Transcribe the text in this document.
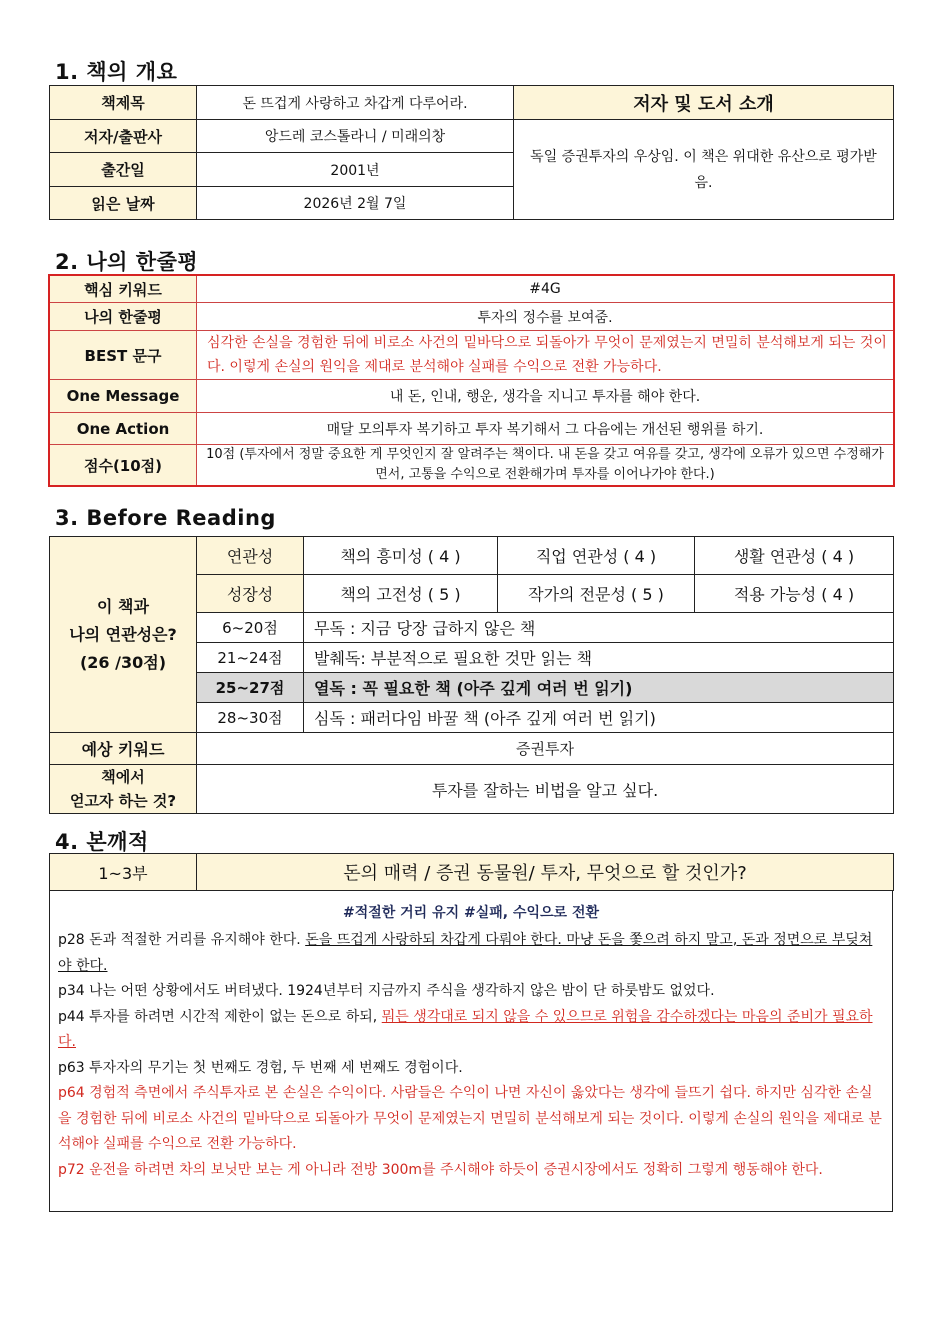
1. 책의 개요
책제목	돈 뜨겁게 사랑하고 차갑게 다루어라.	저자 및 도서 소개
저자/출판사	앙드레 코스톨라니 / 미래의창	독일 증권투자의 우상임. 이 책은 위대한 유산으로 평가받음.
출간일	2001년	
읽은 날짜	2026년 2월 7일	
2. 나의 한줄평
핵심 키워드	#4G
나의 한줄평	투자의 정수를 보여줌.
BEST 문구	심각한 손실을 경험한 뒤에 비로소 사건의 밑바닥으로 되돌아가 무엇이 문제였는지 면밀히 분석해보게 되는 것이다. 이렇게 손실의 원익을 제대로 분석해야 실패를 수익으로 전환 가능하다.
One Message	내 돈, 인내, 행운, 생각을 지니고 투자를 해야 한다.
One Action	매달 모의투자 복기하고 투자 복기해서 그 다음에는 개선된 행위를 하기.
점수(10점)	10점 (투자에서 정말 중요한 게 무엇인지 잘 알려주는 책이다. 내 돈을 갖고 여유를 갖고, 생각에 오류가 있으면 수정해가면서, 고통을 수익으로 전환해가며 투자를 이어나가야 한다.)
3. Before Reading
이 책과
나의 연관성은?
(26 /30점)	연관성	책의 흥미성 ( 4 )	직업 연관성 ( 4 )	생활 연관성 ( 4 )
	성장성	책의 고전성 ( 5 )	작가의 전문성 ( 5 )	적용 가능성 ( 4 )
	6~20점	무독 : 지금 당장 급하지 않은 책		
	21~24점	발췌독: 부분적으로 필요한 것만 읽는 책		
	25~27점	열독 : 꼭 필요한 책 (아주 깊게 여러 번 읽기)		
	28~30점	심독 : 패러다임 바꿀 책 (아주 깊게 여러 번 읽기)		
예상 키워드	증권투자			

책에서
얻고자 하는 것?	투자를 잘하는 비법을 알고 싶다.			
4. 본깨적
1~3부	돈의 매력 / 증권 동물원/ 투자, 무엇으로 할 것인가?
#적절한 거리 유지 #실패, 수익으로 전환

p28 돈과 적절한 거리를 유지해야 한다. 돈을 뜨겁게 사랑하되 차갑게 다뤄야 한다. 마냥 돈을 쫓으려 하지 말고, 돈과 정면으로 부딪쳐야 한다.

p34 나는 어떤 상황에서도 버텨냈다. 1924년부터 지금까지 주식을 생각하지 않은 밤이 단 하룻밤도 없었다.

p44 투자를 하려면 시간적 제한이 없는 돈으로 하되, 뭐든 생각대로 되지 않을 수 있으므로 위험을 감수하겠다는 마음의 준비가 필요하다.

p63 투자자의 무기는 첫 번째도 경험, 두 번째 세 번째도 경험이다.

p64 경험적 측면에서 주식투자로 본 손실은 수익이다. 사람들은 수익이 나면 자신이 옳았다는 생각에 들뜨기 쉽다. 하지만 심각한 손실을 경험한 뒤에 비로소 사건의 밑바닥으로 되돌아가 무엇이 문제였는지 면밀히 분석해보게 되는 것이다. 이렇게 손실의 원익을 제대로 분석해야 실패를 수익으로 전환 가능하다.

p72 운전을 하려면 차의 보닛만 보는 게 아니라 전방 300m를 주시해야 하듯이 증권시장에서도 정확히 그렇게 행동해야 한다.
